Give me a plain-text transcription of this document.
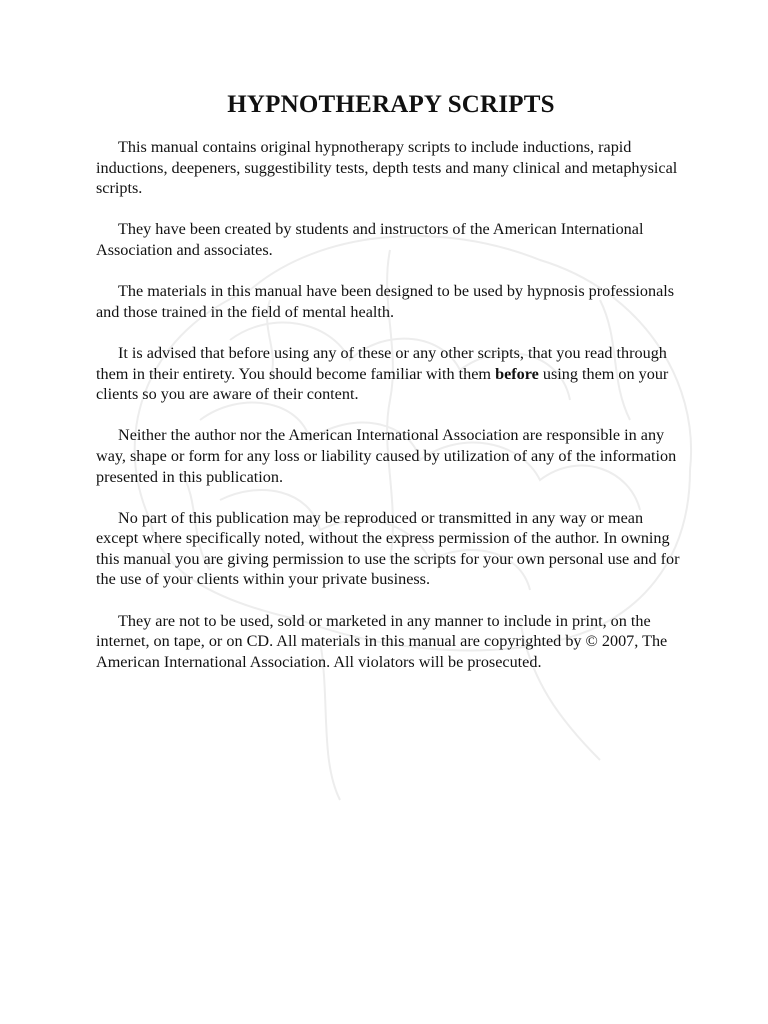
HYPNOTHERAPY SCRIPTS

This manual contains original hypnotherapy scripts to include inductions, rapid inductions, deepeners, suggestibility tests, depth tests and many clinical and metaphysical scripts.

They have been created by students and instructors of the American International Association and associates.

The materials in this manual have been designed to be used by hypnosis professionals and those trained in the field of mental health.

It is advised that before using any of these or any other scripts, that you read through them in their entirety. You should become familiar with them before using them on your clients so you are aware of their content.

Neither the author nor the American International Association are responsible in any way, shape or form for any loss or liability caused by utilization of any of the information presented in this publication.

No part of this publication may be reproduced or transmitted in any way or mean except where specifically noted, without the express permission of the author. In owning this manual you are giving permission to use the scripts for your own personal use and for the use of your clients within your private business.

They are not to be used, sold or marketed in any manner to include in print, on the internet, on tape, or on CD. All materials in this manual are copyrighted by © 2007, The American International Association. All violators will be prosecuted.
